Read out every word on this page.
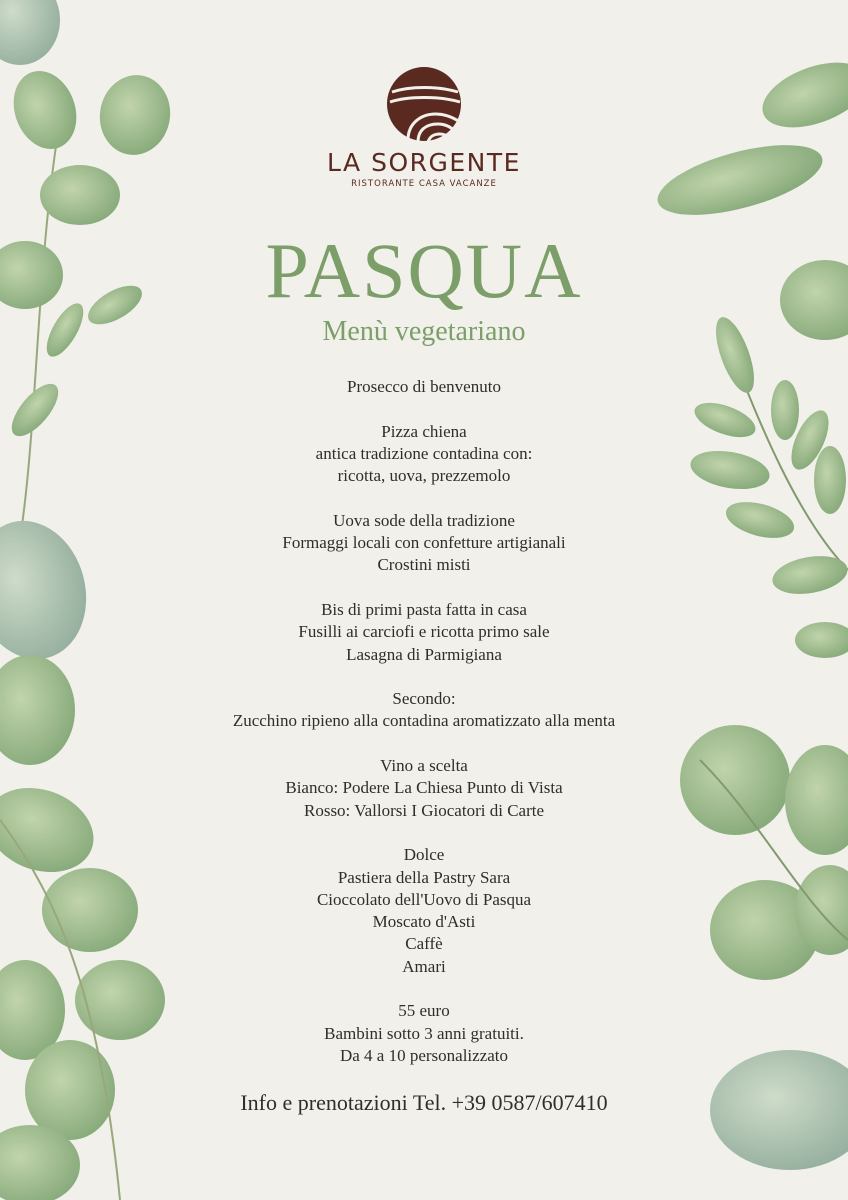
LA SORGENTE
RISTORANTE CASA VACANZE
PASQUA
Menù vegetariano
Prosecco di benvenuto
Pizza chiena
antica tradizione contadina con:
ricotta, uova, prezzemolo
Uova sode della tradizione
Formaggi locali con confetture artigianali
Crostini misti
Bis di primi pasta fatta in casa
Fusilli ai carciofi e ricotta primo sale
Lasagna di Parmigiana
Secondo:
Zucchino ripieno alla contadina aromatizzato alla menta
Vino a scelta
Bianco: Podere La Chiesa Punto di Vista
Rosso: Vallorsi I Giocatori di Carte
Dolce
Pastiera della Pastry Sara
Cioccolato dell'Uovo di Pasqua
Moscato d'Asti
Caffè
Amari
55 euro
Bambini sotto 3 anni gratuiti.
Da 4 a 10 personalizzato
Info e prenotazioni Tel. +39 0587/607410
